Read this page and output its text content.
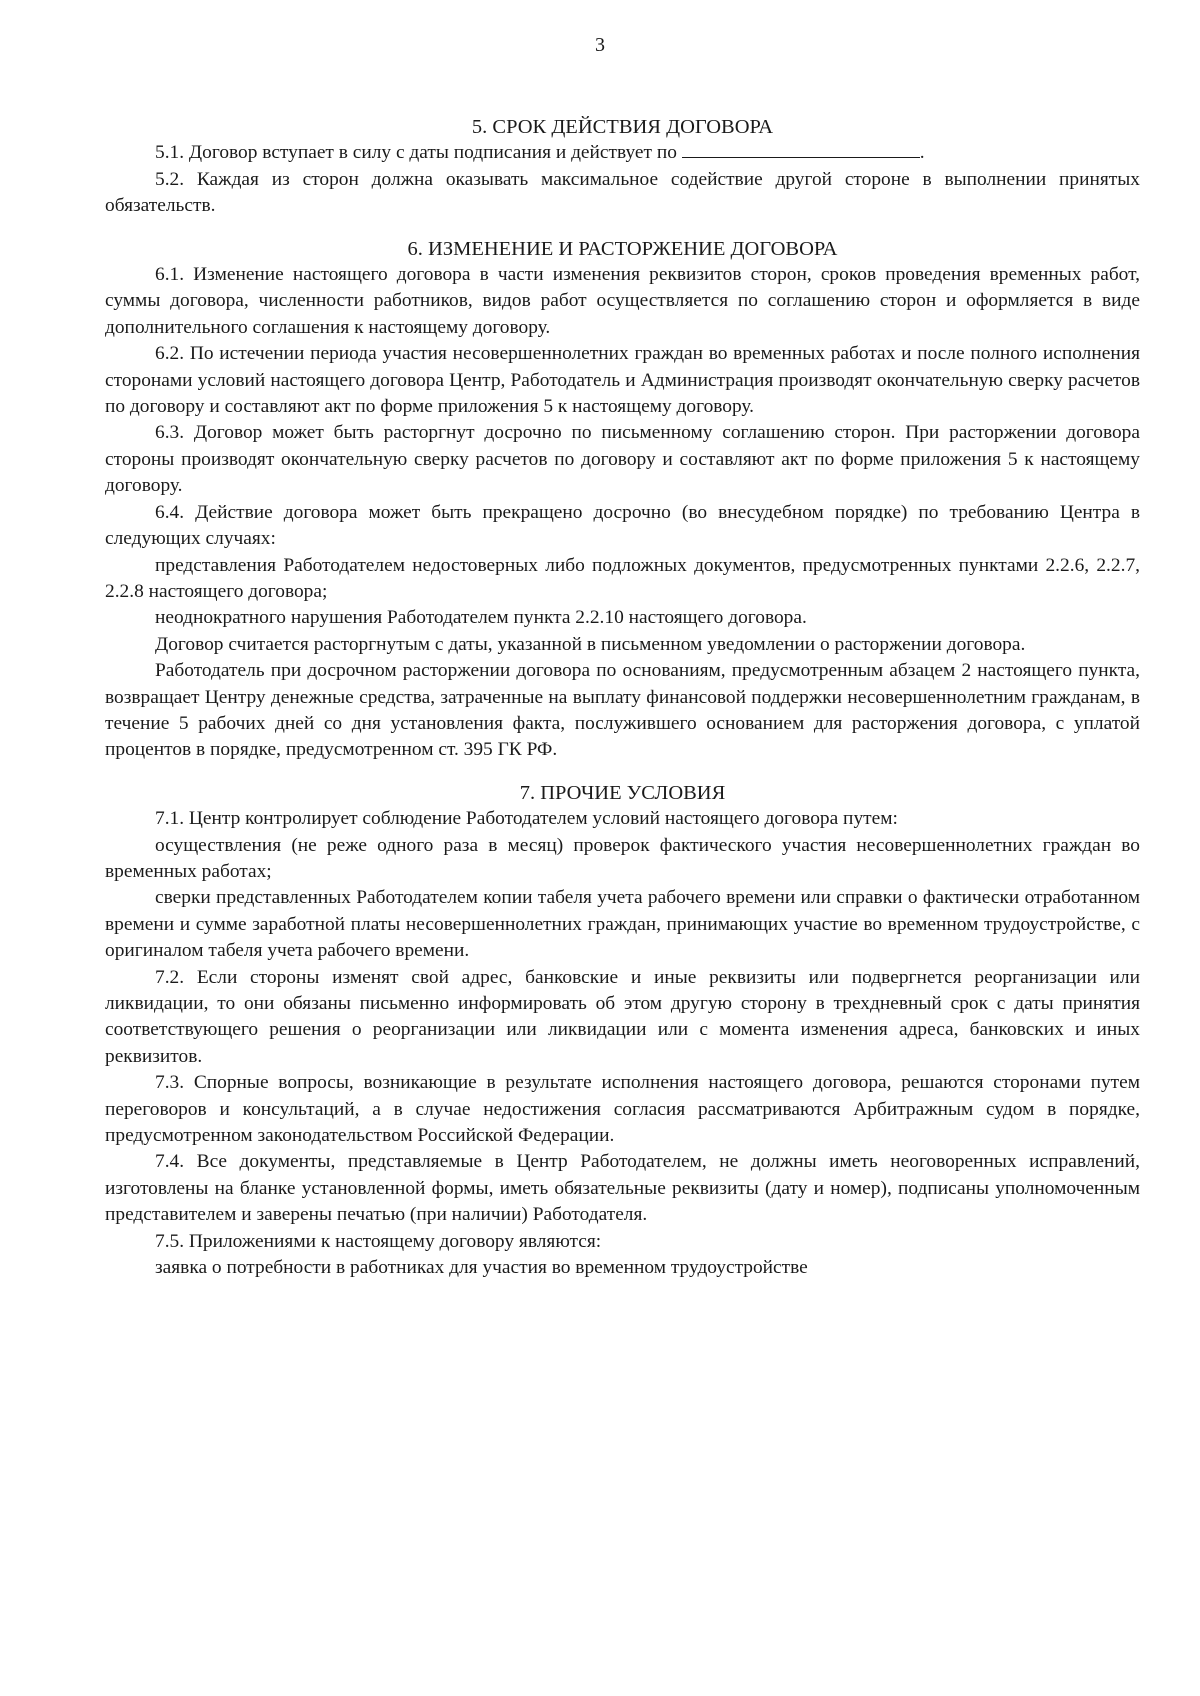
3
5. СРОК ДЕЙСТВИЯ ДОГОВОРА

5.1. Договор вступает в силу с даты подписания и действует по	.

5.2. Каждая из сторон должна оказывать максимальное содействие другой стороне в выполнении принятых обязательств.

6. ИЗМЕНЕНИЕ И РАСТОРЖЕНИЕ ДОГОВОРА

6.1. Изменение настоящего договора в части изменения реквизитов сторон, сроков проведения временных работ, суммы договора, численности работников, видов работ осуществляется по соглашению сторон и оформляется в виде дополнительного соглашения к настоящему договору.

6.2. По истечении периода участия несовершеннолетних граждан во временных работах и после полного исполнения сторонами условий настоящего договора Центр, Работодатель и Администрация производят окончательную сверку расчетов по договору и составляют акт по форме приложения 5 к настоящему договору.

6.3. Договор может быть расторгнут досрочно по письменному соглашению сторон. При расторжении договора стороны производят окончательную сверку расчетов по договору и составляют акт по форме приложения 5 к настоящему договору.

6.4. Действие договора может быть прекращено досрочно (во внесудебном порядке) по требованию Центра в следующих случаях:

представления Работодателем недостоверных либо подложных документов, предусмотренных пунктами 2.2.6, 2.2.7, 2.2.8 настоящего договора;

неоднократного нарушения Работодателем пункта 2.2.10 настоящего договора.

Договор считается расторгнутым с даты, указанной в письменном уведомлении о расторжении договора.

Работодатель при досрочном расторжении договора по основаниям, предусмотренным абзацем 2 настоящего пункта, возвращает Центру денежные средства, затраченные на выплату финансовой поддержки несовершеннолетним гражданам, в течение 5 рабочих дней со дня установления факта, послужившего основанием для расторжения договора, с уплатой процентов в порядке, предусмотренном ст. 395 ГК РФ.

7. ПРОЧИЕ УСЛОВИЯ

7.1. Центр контролирует соблюдение Работодателем условий настоящего договора путем:

осуществления (не реже одного раза в месяц) проверок фактического участия несовершеннолетних граждан во временных работах;

сверки представленных Работодателем копии табеля учета рабочего времени или справки о фактически отработанном времени и сумме заработной платы несовершеннолетних граждан, принимающих участие во временном трудоустройстве, с оригиналом табеля учета рабочего времени.

7.2. Если стороны изменят свой адрес, банковские и иные реквизиты или подвергнется реорганизации или ликвидации, то они обязаны письменно информировать об этом другую сторону в трехдневный срок с даты принятия соответствующего решения о реорганизации или ликвидации или с момента изменения адреса, банковских и иных реквизитов.

7.3. Спорные вопросы, возникающие в результате исполнения настоящего договора, решаются сторонами путем переговоров и консультаций, а в случае недостижения согласия рассматриваются Арбитражным судом в порядке, предусмотренном законодательством Российской Федерации.

7.4. Все документы, представляемые в Центр Работодателем, не должны иметь неоговоренных исправлений, изготовлены на бланке установленной формы, иметь обязательные реквизиты (дату и номер), подписаны уполномоченным представителем и заверены печатью (при наличии) Работодателя.

7.5. Приложениями к настоящему договору являются:

заявка о потребности в работниках для участия во временном трудоустройстве
